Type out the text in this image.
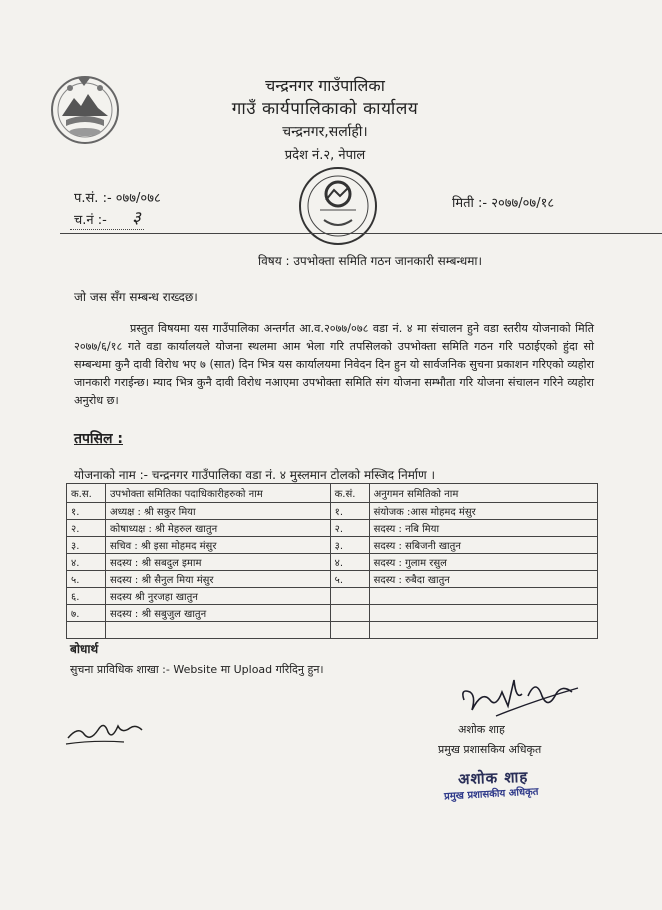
चन्द्रनगर गाउँपालिका
गाउँ कार्यपालिकाको कार्यालय
चन्द्रनगर,सर्लाही।
प्रदेश नं.२, नेपाल
प.सं. :- ०७७/०७८
च.नं :- ३
मिती :- २०७७/०७/१८
विषय : उपभोक्ता समिति गठन जानकारी सम्बन्धमा।
जो जस सँग सम्बन्ध राख्दछ।
प्रस्तुत विषयमा यस गाउँपालिका अन्तर्गत आ.व.२०७७/०७८ वडा नं. ४ मा संचालन हुने वडा स्तरीय योजनाको मिति २०७७/६/१८ गते वडा कार्यालयले योजना स्थलमा आम भेला गरि तपसिलको उपभोक्ता समिति गठन गरि पठाईएको हुंदा सो सम्बन्धमा कुनै दावी विरोध भए ७ (सात) दिन भित्र यस कार्यालयमा निवेदन दिन हुन यो सार्वजनिक सुचना प्रकाशन गरिएको व्यहोरा जानकारी गराईन्छ। म्याद भित्र कुनै दावी विरोध नआएमा उपभोक्ता समिति संग योजना सम्भौता गरि योजना संचालन गरिने व्यहोरा अनुरोध छ।
तपसिल :
योजनाको नाम :- चन्द्रनगर गाउँपालिका वडा नं. ४ मुस्लमान टोलको मस्जिद निर्माण ।
क.स.	उपभोक्ता समितिका पदाधिकारीहरुको नाम	क.सं.	अनुगमन समितिको नाम
१.	अध्यक्ष : श्री सकुर मिया	१.	संयोजक :आस मोहमद मंसुर
२.	कोषाध्यक्ष : श्री मेहरुल खातुन	२.	सदस्य : नबि मिया
३.	सचिव : श्री इसा मोहमद मंसुर	३.	सदस्य : सबिजनी खातुन
४.	सदस्य : श्री सबदुल इमाम	४.	सदस्य : गुलाम रसुल
५.	सदस्य : श्री सैनुल मिया मंसुर	५.	सदस्य : रुबैदा खातुन
६.	सदस्य श्री नुरजहा खातुन		
७.	सदस्य : श्री सबुजुल खातुन		

बोधार्थ
सुचना प्राविधिक शाखा :- Website मा Upload गरिदिनु हुन।
अशोक शाह
प्रमुख प्रशासकिय अधिकृत
अशोक शाह
प्रमुख प्रशासकीय अधिकृत
